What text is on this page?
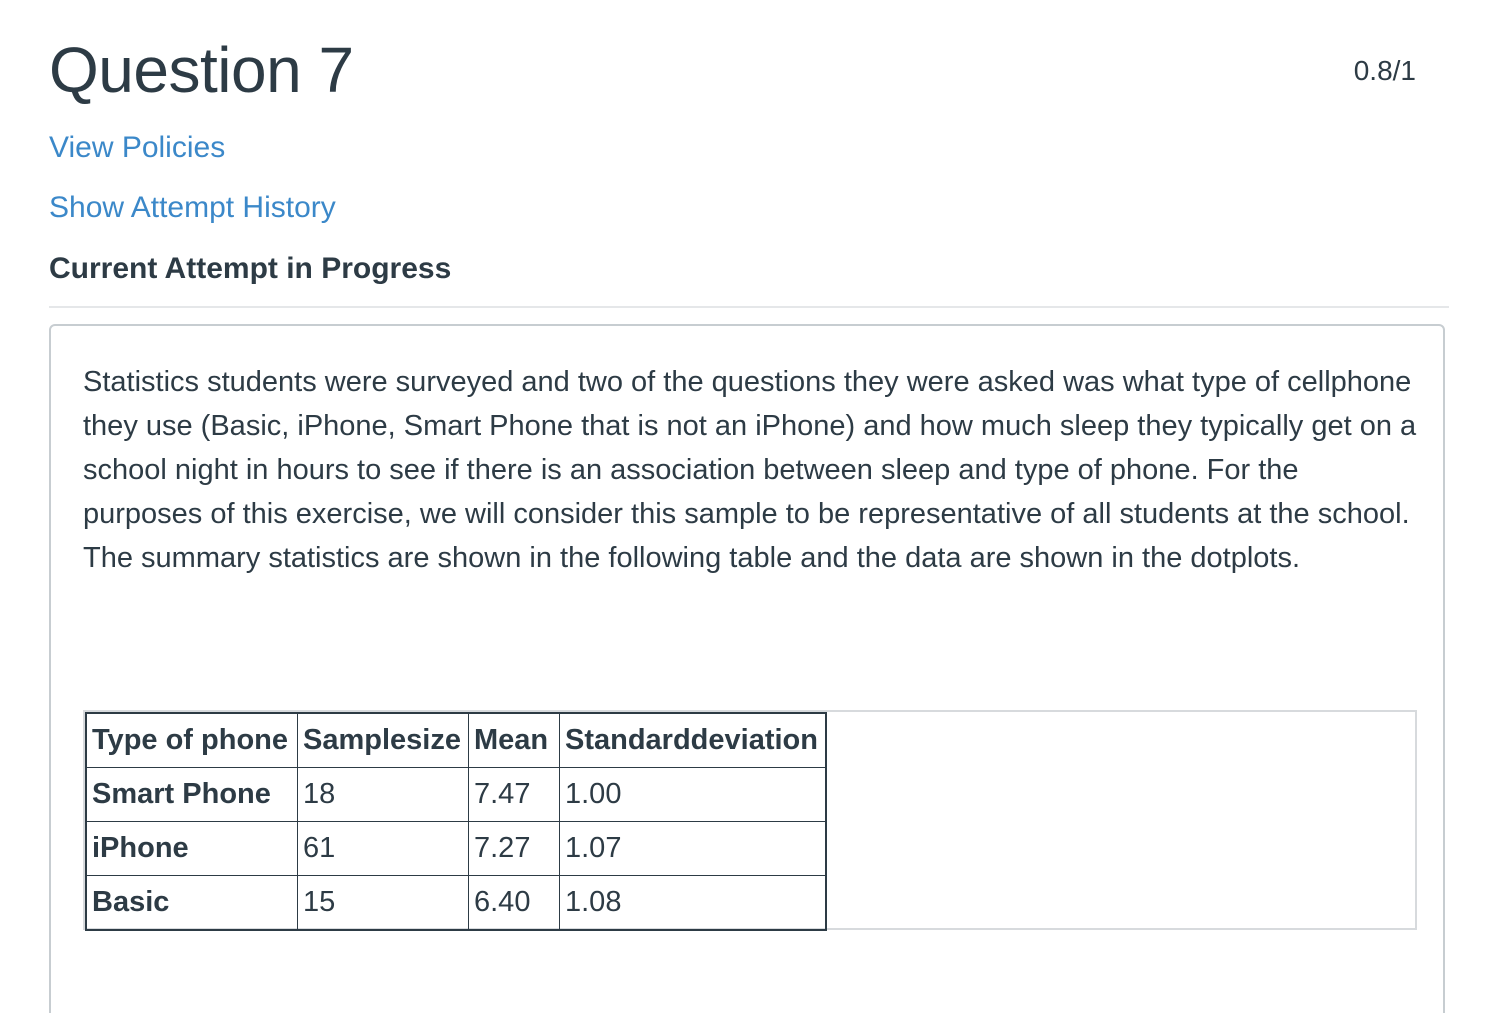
Question 7	0.8/1
View Policies
Show Attempt History
Current Attempt in Progress

Statistics students were surveyed and two of the questions they were asked was what type of cellphone they use (Basic, iPhone, Smart Phone that is not an iPhone) and how much sleep they typically get on a school night in hours to see if there is an association between sleep and type of phone. For the purposes of this exercise, we will consider this sample to be representative of all students at the school. The summary statistics are shown in the following table and the data are shown in the dotplots.

Type of phone	Samplesize	Mean	Standarddeviation
Smart Phone	18	7.47	1.00
iPhone	61	7.27	1.07
Basic	15	6.40	1.08
